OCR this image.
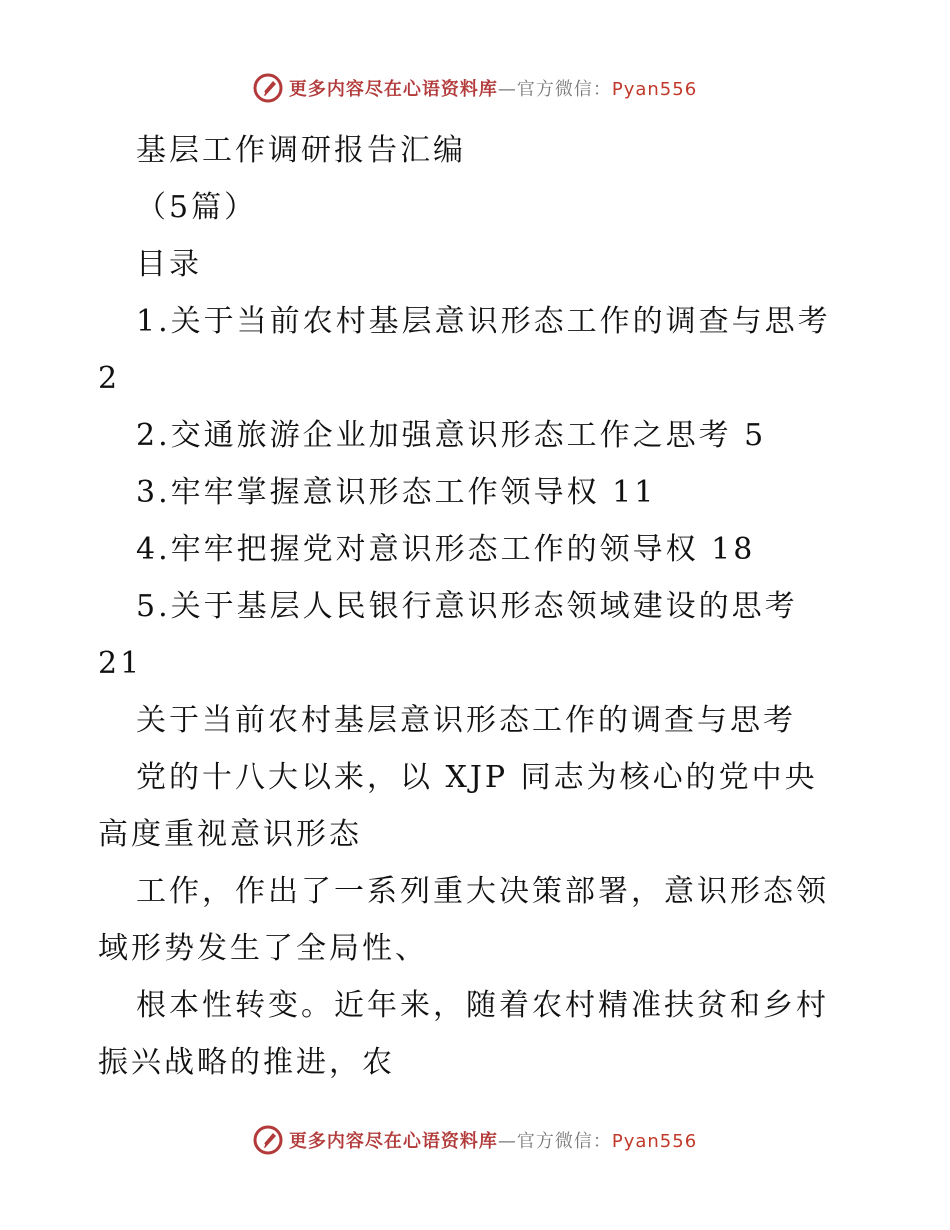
更多内容尽在心语资料库—官方微信：Pyan556
基层工作调研报告汇编
（5篇）
目录
1.关于当前农村基层意识形态工作的调查与思考
2
2.交通旅游企业加强意识形态工作之思考 5
3.牢牢掌握意识形态工作领导权 11
4.牢牢把握党对意识形态工作的领导权 18
5.关于基层人民银行意识形态领域建设的思考
21
关于当前农村基层意识形态工作的调查与思考
党的十八大以来，以 XJP 同志为核心的党中央
高度重视意识形态
工作，作出了一系列重大决策部署，意识形态领
域形势发生了全局性、
根本性转变。近年来，随着农村精准扶贫和乡村
振兴战略的推进，农
更多内容尽在心语资料库—官方微信：Pyan556
